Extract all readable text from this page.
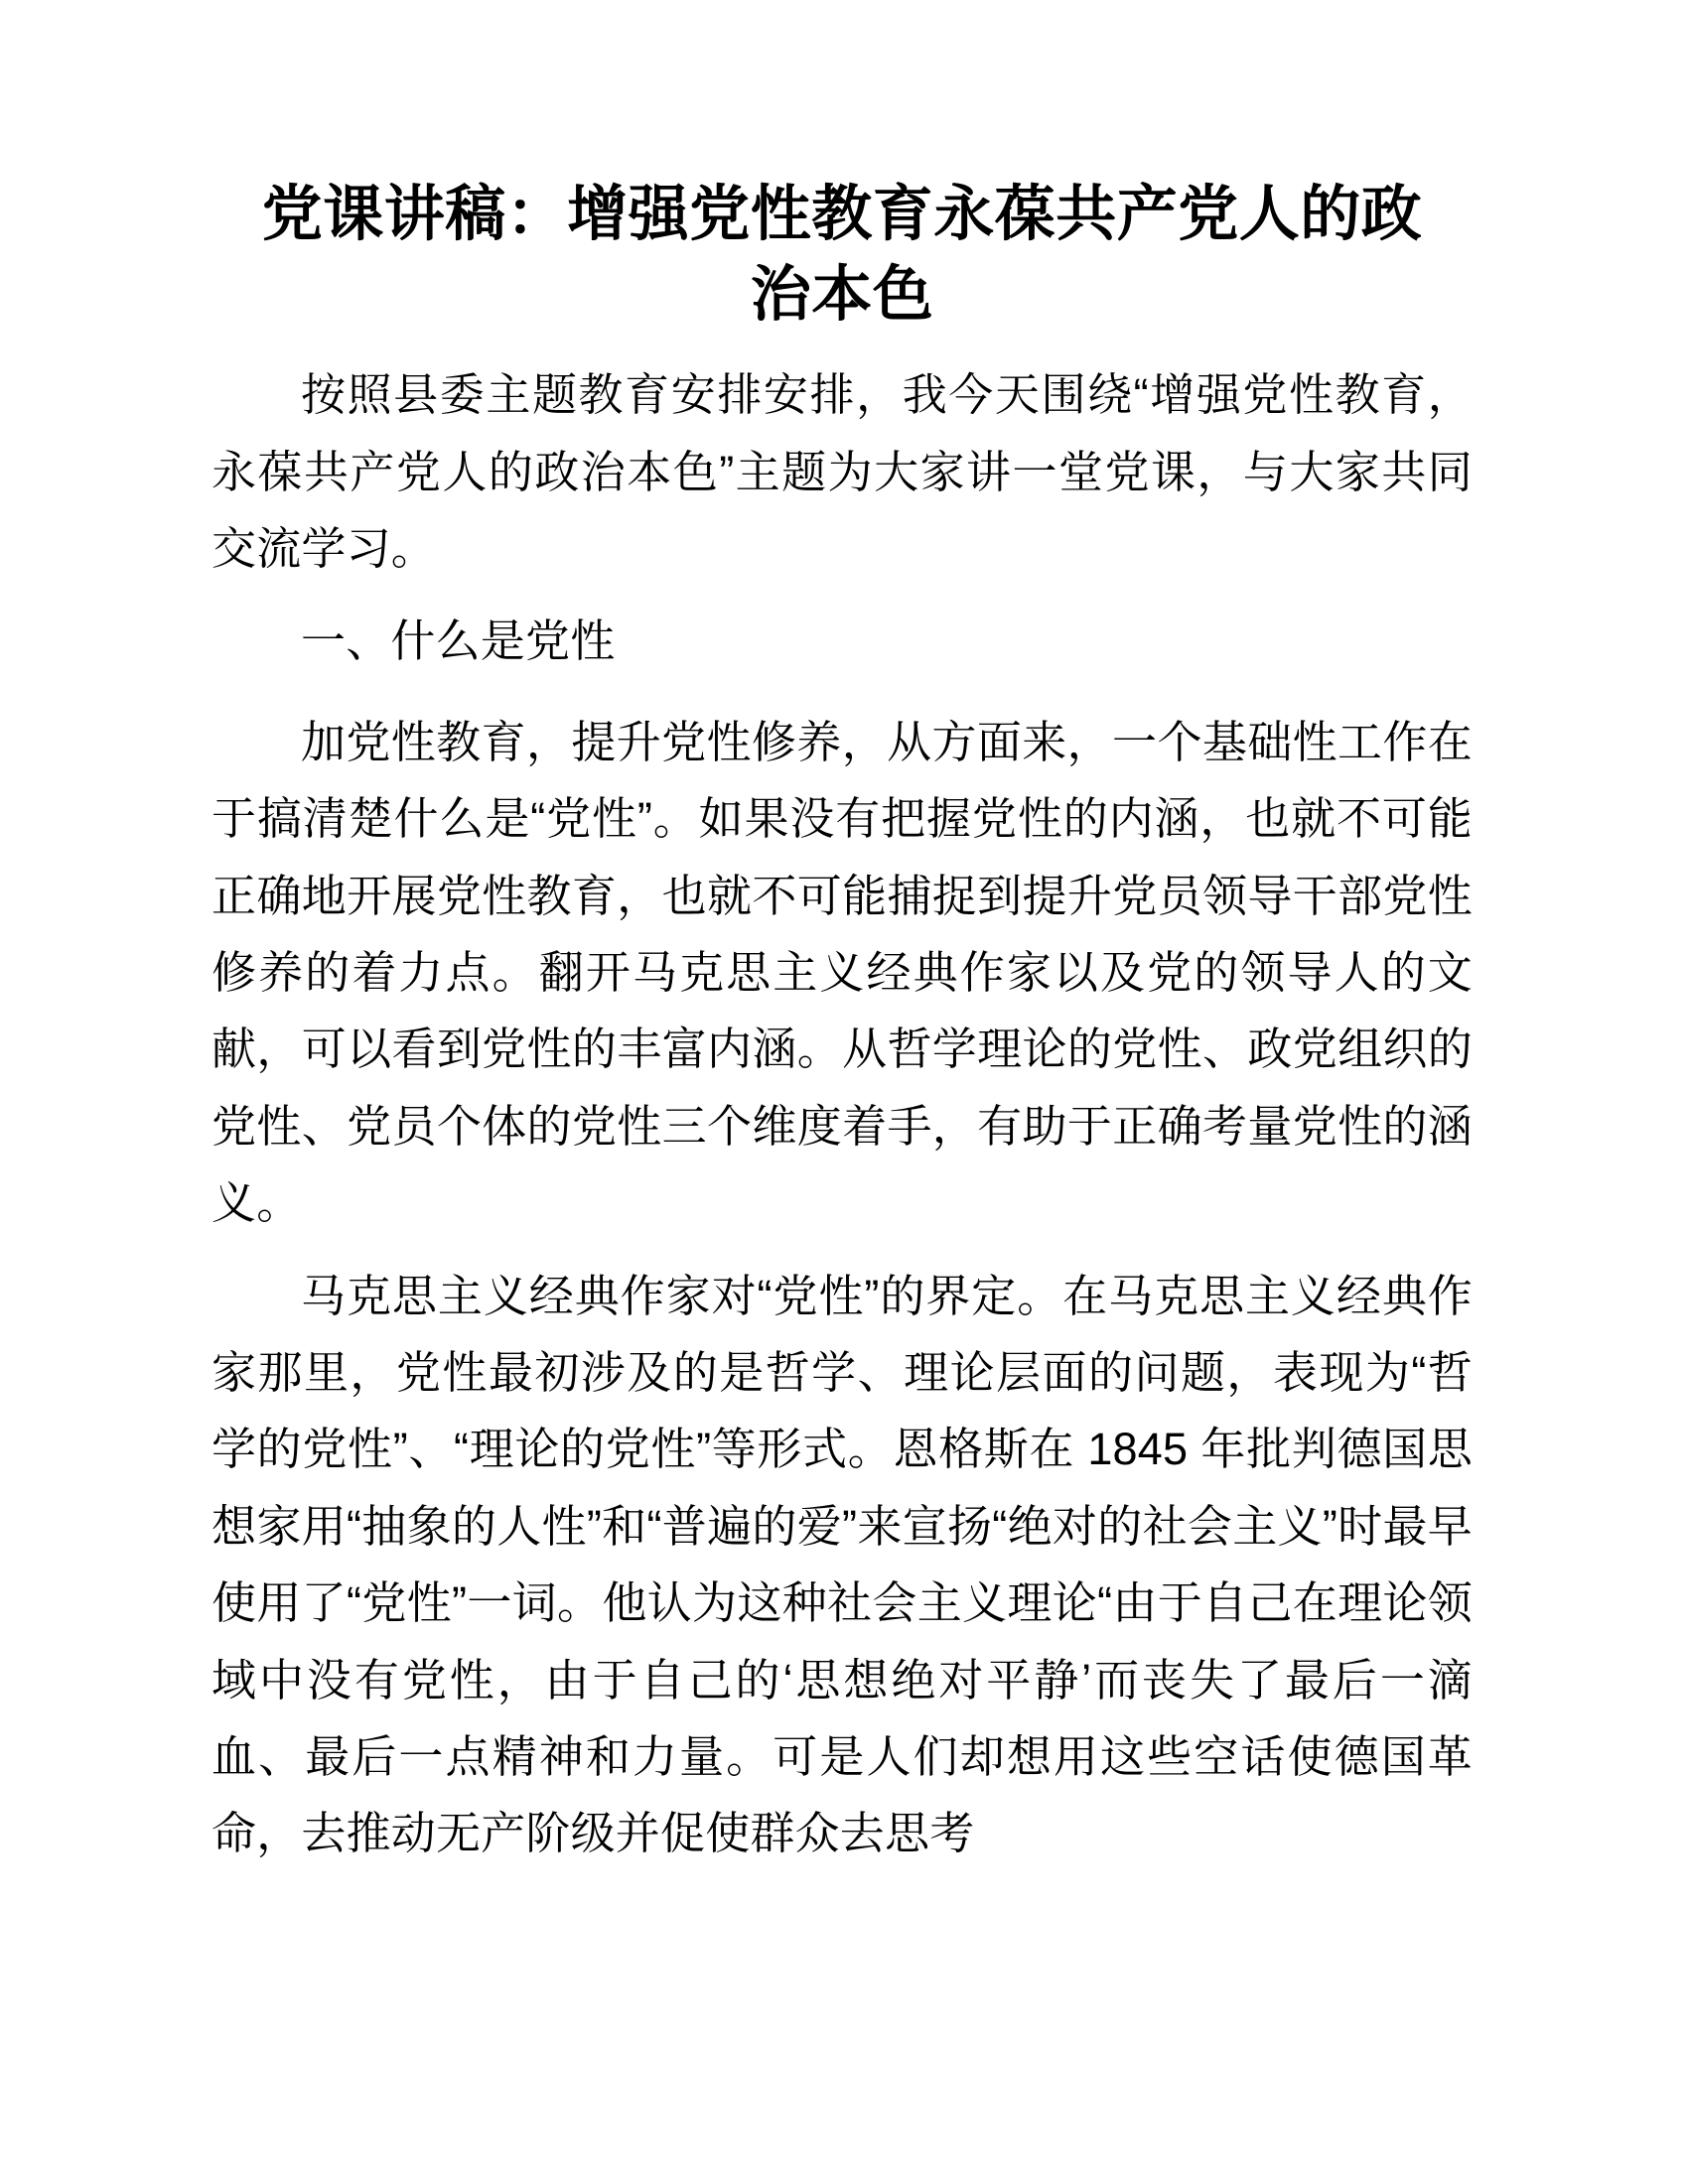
党课讲稿：增强党性教育永葆共产党人的政治本色

按照县委主题教育安排安排，我今天围绕“增强党性教育，永葆共产党人的政治本色”主题为大家讲一堂党课，与大家共同交流学习。

一、什么是党性

加党性教育，提升党性修养，从方面来，一个基础性工作在于搞清楚什么是“党性”。如果没有把握党性的内涵，也就不可能正确地开展党性教育，也就不可能捕捉到提升党员领导干部党性修养的着力点。翻开马克思主义经典作家以及党的领导人的文献，可以看到党性的丰富内涵。从哲学理论的党性、政党组织的党性、党员个体的党性三个维度着手，有助于正确考量党性的涵义。

马克思主义经典作家对“党性”的界定。在马克思主义经典作家那里，党性最初涉及的是哲学、理论层面的问题，表现为“哲学的党性”、“理论的党性”等形式。恩格斯在 1845 年批判德国思想家用“抽象的人性”和“普遍的爱”来宣扬“绝对的社会主义”时最早使用了“党性”一词。他认为这种社会主义理论“由于自己在理论领域中没有党性，由于自己的‘思想绝对平静’而丧失了最后一滴血、最后一点精神和力量。可是人们却想用这些空话使德国革命，去推动无产阶级并促使群众去思考
